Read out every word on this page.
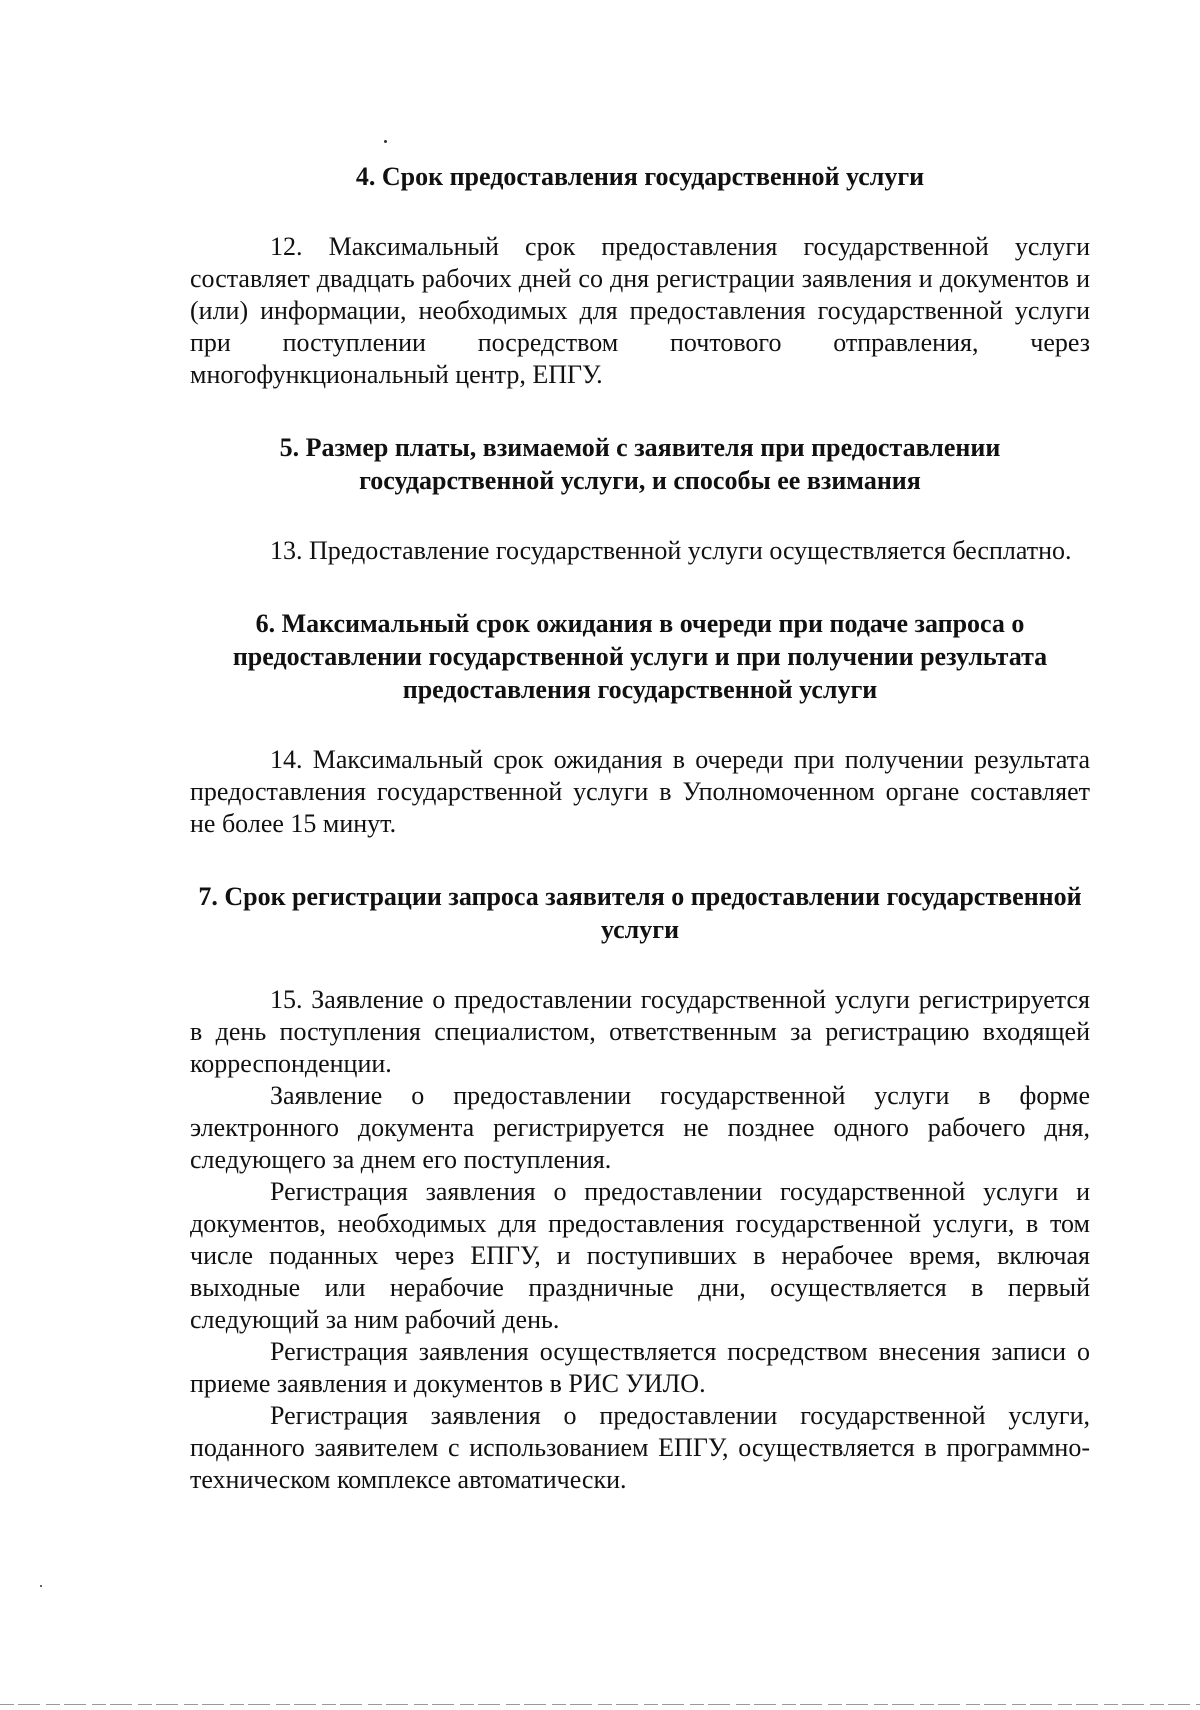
4. Срок предоставления государственной услуги

12. Максимальный срок предоставления государственной услуги составляет двадцать рабочих дней со дня регистрации заявления и документов и (или) информации, необходимых для предоставления государственной услуги при поступлении посредством почтового отправления, через многофункциональный центр, ЕПГУ.

5. Размер платы, взимаемой с заявителя при предоставлении государственной услуги, и способы ее взимания

13. Предоставление государственной услуги осуществляется бесплатно.

6. Максимальный срок ожидания в очереди при подаче запроса о предоставлении государственной услуги и при получении результата предоставления государственной услуги

14. Максимальный срок ожидания в очереди при получении результата предоставления государственной услуги в Уполномоченном органе составляет не более 15 минут.

7. Срок регистрации запроса заявителя о предоставлении государственной услуги

15. Заявление о предоставлении государственной услуги регистрируется в день поступления специалистом, ответственным за регистрацию входящей корреспонденции.

Заявление о предоставлении государственной услуги в форме электронного документа регистрируется не позднее одного рабочего дня, следующего за днем его поступления.

Регистрация заявления о предоставлении государственной услуги и документов, необходимых для предоставления государственной услуги, в том числе поданных через ЕПГУ, и поступивших в нерабочее время, включая выходные или нерабочие праздничные дни, осуществляется в первый следующий за ним рабочий день.

Регистрация заявления осуществляется посредством внесения записи о приеме заявления и документов в РИС УИЛО.

Регистрация заявления о предоставлении государственной услуги, поданного заявителем с использованием ЕПГУ, осуществляется в программно-техническом комплексе автоматически.
